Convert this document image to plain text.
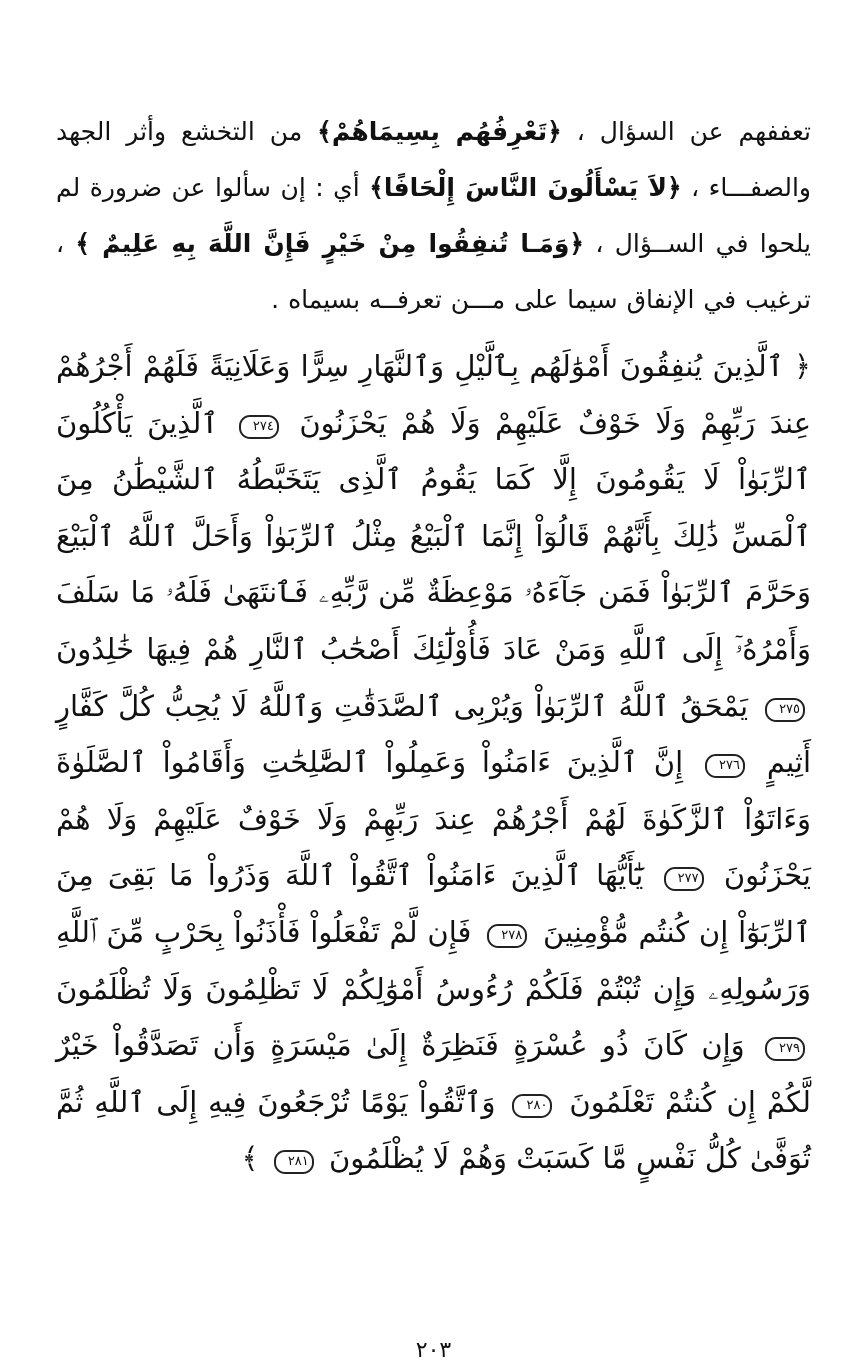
تعففهم عن السؤال ، ﴿تَعْرِفُهُم بِسِيمَاهُمْ﴾ من التخشع وأثر الجهد والصفـــاء ، ﴿لاَ يَسْأَلُونَ النَّاسَ إِلْحَافًا﴾ أي : إن سألوا عن ضرورة لم يلحوا في الســؤال ، ﴿وَمَـا تُنفِقُوا مِنْ خَيْرٍ فَإِنَّ اللَّهَ بِهِ عَلِيمٌ ﴾ ، ترغيب في الإنفاق سيما على مـــن تعرفــه بسيماه .
﴿ ٱلَّذِينَ يُنفِقُونَ أَمْوَٰلَهُم بِٱلَّيْلِ وَٱلنَّهَارِ سِرًّا وَعَلَانِيَةً فَلَهُمْ أَجْرُهُمْ عِندَ رَبِّهِمْ وَلَا خَوْفٌ عَلَيْهِمْ وَلَا هُمْ يَحْزَنُونَ ٢٧٤ ٱلَّذِينَ يَأْكُلُونَ ٱلرِّبَوٰاْ لَا يَقُومُونَ إِلَّا كَمَا يَقُومُ ٱلَّذِى يَتَخَبَّطُهُ ٱلشَّيْطَٰنُ مِنَ ٱلْمَسِّ ذَٰلِكَ بِأَنَّهُمْ قَالُوٓاْ إِنَّمَا ٱلْبَيْعُ مِثْلُ ٱلرِّبَوٰاْ وَأَحَلَّ ٱللَّهُ ٱلْبَيْعَ وَحَرَّمَ ٱلرِّبَوٰاْ فَمَن جَآءَهُۥ مَوْعِظَةٌ مِّن رَّبِّهِۦ فَٱنتَهَىٰ فَلَهُۥ مَا سَلَفَ وَأَمْرُهُۥٓ إِلَى ٱللَّهِ وَمَنْ عَادَ فَأُوْلَٰٓئِكَ أَصْحَٰبُ ٱلنَّارِ هُمْ فِيهَا خَٰلِدُونَ ٢٧٥ يَمْحَقُ ٱللَّهُ ٱلرِّبَوٰاْ وَيُرْبِى ٱلصَّدَقَٰتِ وَٱللَّهُ لَا يُحِبُّ كُلَّ كَفَّارٍ أَثِيمٍ ٢٧٦ إِنَّ ٱلَّذِينَ ءَامَنُواْ وَعَمِلُواْ ٱلصَّٰلِحَٰتِ وَأَقَامُواْ ٱلصَّلَوٰةَ وَءَاتَوُاْ ٱلزَّكَوٰةَ لَهُمْ أَجْرُهُمْ عِندَ رَبِّهِمْ وَلَا خَوْفٌ عَلَيْهِمْ وَلَا هُمْ يَحْزَنُونَ ٢٧٧ يَٰٓأَيُّهَا ٱلَّذِينَ ءَامَنُواْ ٱتَّقُواْ ٱللَّهَ وَذَرُواْ مَا بَقِىَ مِنَ ٱلرِّبَوٰٓاْ إِن كُنتُم مُّؤْمِنِينَ ٢٧٨ فَإِن لَّمْ تَفْعَلُواْ فَأْذَنُواْ بِحَرْبٍ مِّنَ ٱللَّهِ وَرَسُولِهِۦ وَإِن تُبْتُمْ فَلَكُمْ رُءُوسُ أَمْوَٰلِكُمْ لَا تَظْلِمُونَ وَلَا تُظْلَمُونَ ٢٧٩ وَإِن كَانَ ذُو عُسْرَةٍ فَنَظِرَةٌ إِلَىٰ مَيْسَرَةٍ وَأَن تَصَدَّقُواْ خَيْرٌ لَّكُمْ إِن كُنتُمْ تَعْلَمُونَ ٢٨٠ وَٱتَّقُواْ يَوْمًا تُرْجَعُونَ فِيهِ إِلَى ٱللَّهِ ثُمَّ تُوَفَّىٰ كُلُّ نَفْسٍ مَّا كَسَبَتْ وَهُمْ لَا يُظْلَمُونَ ٢٨١ ﴾
٢٠٣
